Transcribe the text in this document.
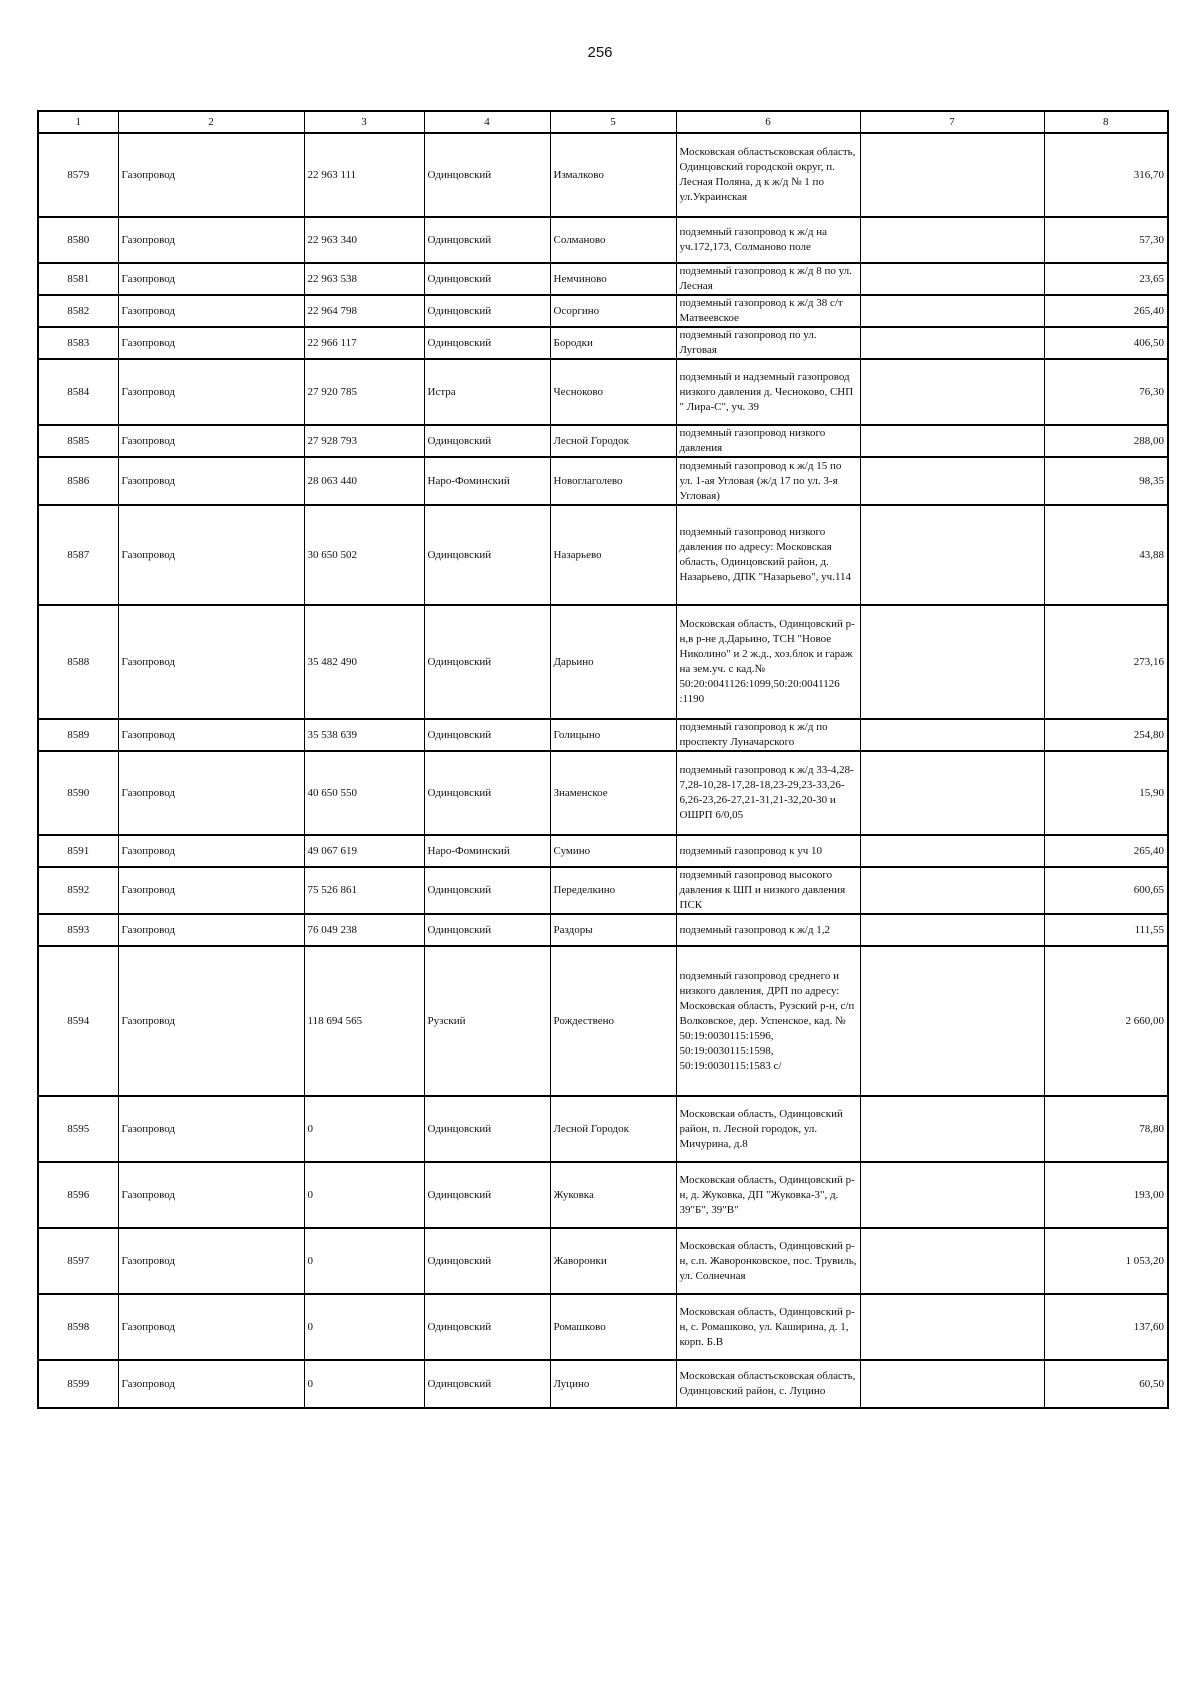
256
1	2	3	4	5	6	7	8
8579	Газопровод	22 963 111	Одинцовский	Измалково	Московская областьсковская область, Одинцовский городской округ, п. Лесная Поляна, д к ж/д № 1 по ул.Украинская		316,70
8580	Газопровод	22 963 340	Одинцовский	Солманово	подземный газопровод к ж/д на уч.172,173, Солманово поле		57,30
8581	Газопровод	22 963 538	Одинцовский	Немчиново	подземный газопровод к ж/д 8 по ул. Лесная		23,65
8582	Газопровод	22 964 798	Одинцовский	Осоргино	подземный газопровод к ж/д 38 с/т Матвеевское		265,40
8583	Газопровод	22 966 117	Одинцовский	Бородки	подземный газопровод по ул. Луговая		406,50
8584	Газопровод	27 920 785	Истра	Чесноково	подземный и надземный газопровод низкого давления д. Чесноково, СНП " Лира-С", уч. 39		76,30
8585	Газопровод	27 928 793	Одинцовский	Лесной Городок	подземный газопровод низкого давления		288,00
8586	Газопровод	28 063 440	Наро-Фоминский	Новоглаголево	подземный газопровод к ж/д 15 по ул. 1-ая Угловая (ж/д 17 по ул. 3-я Угловая)		98,35
8587	Газопровод	30 650 502	Одинцовский	Назарьево	подземный газопровод низкого давления по адресу: Московская область, Одинцовский район, д. Назарьево, ДПК "Назарьево", уч.114		43,88
8588	Газопровод	35 482 490	Одинцовский	Дарьино	Московская область, Одинцовский р-н,в р-не д.Дарьино, ТСН "Новое Николино" и 2 ж.д., хоз.блок и гараж на зем.уч. с кад.№ 50:20:0041126:1099,50:20:0041126 :1190		273,16
8589	Газопровод	35 538 639	Одинцовский	Голицыно	подземный газопровод к ж/д по проспекту Луначарского		254,80
8590	Газопровод	40 650 550	Одинцовский	Знаменское	подземный газопровод к ж/д 33-4,28-7,28-10,28-17,28-18,23-29,23-33,26-6,26-23,26-27,21-31,21-32,20-30 и ОШРП 6/0,05		15,90
8591	Газопровод	49 067 619	Наро-Фоминский	Сумино	подземный газопровод к уч 10		265,40
8592	Газопровод	75 526 861	Одинцовский	Переделкино	подземный газопровод высокого давления к ШП и низкого давления ПСК		600,65
8593	Газопровод	76 049 238	Одинцовский	Раздоры	подземный газопровод к ж/д 1,2		111,55
8594	Газопровод	118 694 565	Рузский	Рождествено	подземный газопровод среднего и низкого давления, ДРП по адресу: Московская область, Рузский р-н, с/п Волковское, дер. Успенское, кад. № 50:19:0030115:1596, 50:19:0030115:1598, 50:19:0030115:1583 с/		2 660,00
8595	Газопровод	0	Одинцовский	Лесной Городок	Московская область, Одинцовский район, п. Лесной городок, ул. Мичурина, д.8		78,80
8596	Газопровод	0	Одинцовский	Жуковка	Московская область, Одинцовский р-н, д. Жуковка, ДП "Жуковка-3", д. 39"Б", 39"В"		193,00
8597	Газопровод	0	Одинцовский	Жаворонки	Московская область, Одинцовский р-н, с.п. Жаворонковское, пос. Трувиль, ул. Солнечная		1 053,20
8598	Газопровод	0	Одинцовский	Ромашково	Московская область, Одинцовский р-н, с. Ромашково, ул. Каширина, д. 1, корп. Б.В		137,60
8599	Газопровод	0	Одинцовский	Луцино	Московская областьсковская область, Одинцовский район, с. Луцино		60,50
